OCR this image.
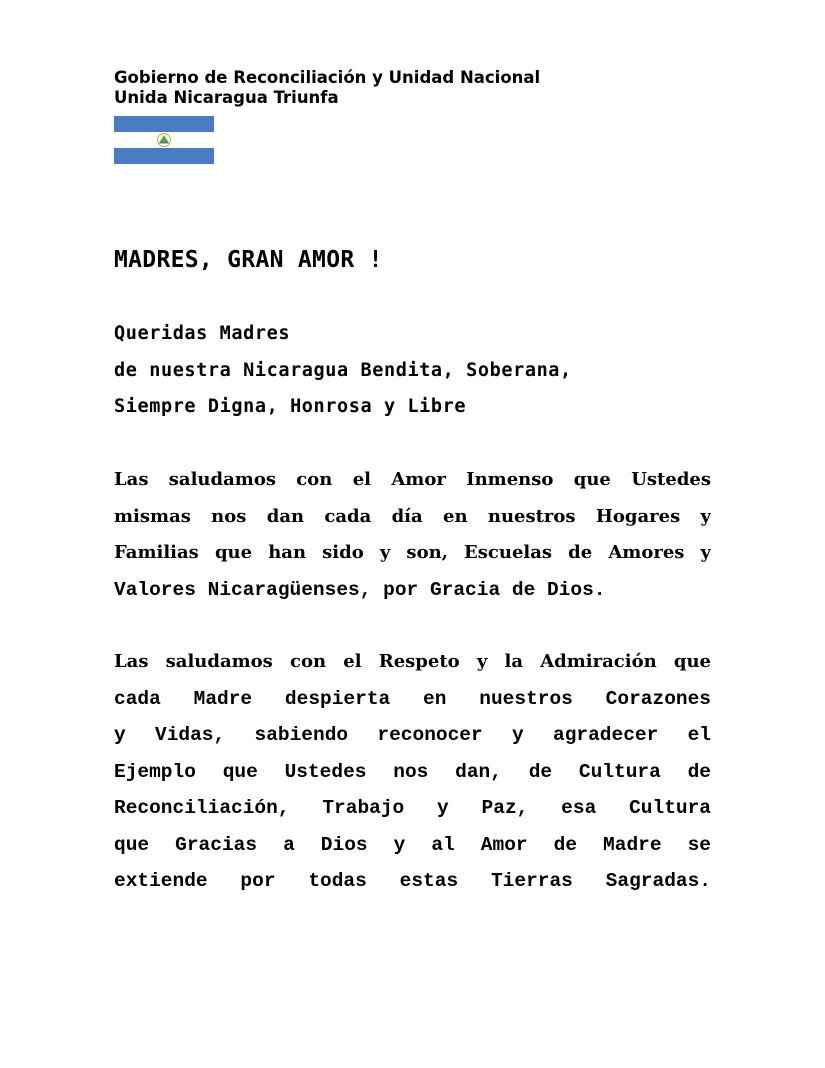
Gobierno de Reconciliación y Unidad Nacional
Unida Nicaragua Triunfa
MADRES, GRAN AMOR !
Queridas Madres
de nuestra Nicaragua Bendita, Soberana,
Siempre Digna, Honrosa y Libre
Las saludamos con el Amor Inmenso que Ustedes
mismas nos dan cada día en nuestros Hogares y
Familias que han sido y son, Escuelas de Amores y
Valores Nicaragüenses, por Gracia de Dios.
Las saludamos con el Respeto y la Admiración que
cada Madre despierta en nuestros Corazones
y Vidas, sabiendo reconocer y agradecer el
Ejemplo que Ustedes nos dan, de Cultura de
Reconciliación, Trabajo y Paz, esa Cultura
que Gracias a Dios y al Amor de Madre se
extiende por todas estas Tierras Sagradas.
